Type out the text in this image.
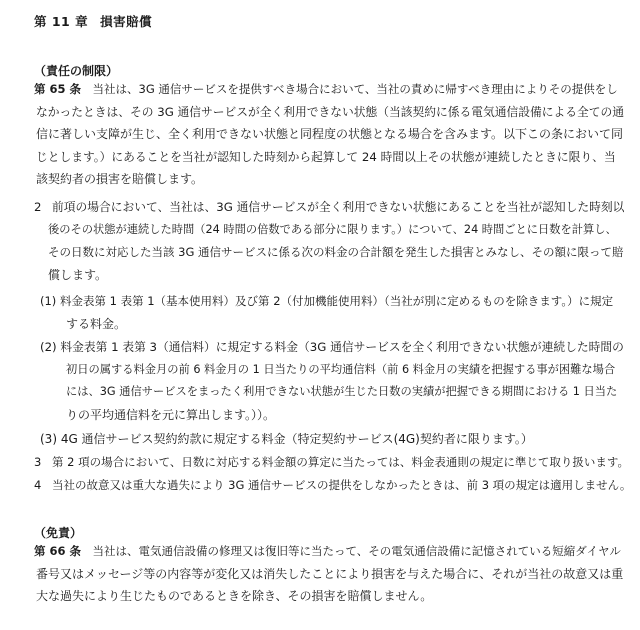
第 11 章 損害賠償
（責任の制限）
第 65 条　 当社は、3G 通信サービスを提供すべき場合において、当社の責めに帰すべき理由によりその提供をし
なかったときは、その 3G 通信サービスが全く利用できない状態（当該契約に係る電気通信設備による全ての通
信に著しい支障が生じ、全く利用できない状態と同程度の状態となる場合を含みます。以下この条において同
じとします。）にあることを当社が認知した時刻から起算して 24 時間以上その状態が連続したときに限り、当
該契約者の損害を賠償します。
2 前項の場合において、当社は、3G 通信サービスが全く利用できない状態にあることを当社が認知した時刻以
後のその状態が連続した時間（24 時間の倍数である部分に限ります。）について、24 時間ごとに日数を計算し、
その日数に対応した当該 3G 通信サービスに係る次の料金の合計額を発生した損害とみなし、その額に限って賠
償します。
(1) 料金表第 1 表第 1（基本使用料）及び第 2（付加機能使用料）（当社が別に定めるものを除きます。）に規定
する料金。
(2) 料金表第 1 表第 3（通信料）に規定する料金（3G 通信サービスを全く利用できない状態が連続した時間の
初日の属する料金月の前 6 料金月の 1 日当たりの平均通信料（前 6 料金月の実績を把握する事が困難な場合
には、3G 通信サービスをまったく利用できない状態が生じた日数の実績が把握できる期間における 1 日当た
りの平均通信料を元に算出します。））。
(3) 4G 通信サービス契約約款に規定する料金（特定契約サービス(4G)契約者に限ります。）
3 第 2 項の場合において、日数に対応する料金額の算定に当たっては、料金表通則の規定に準じて取り扱います。
4 当社の故意又は重大な過失により 3G 通信サービスの提供をしなかったときは、前 3 項の規定は適用しません。
（免責）
第 66 条　 当社は、電気通信設備の修理又は復旧等に当たって、その電気通信設備に記憶されている短縮ダイヤル
番号又はメッセージ等の内容等が変化又は消失したことにより損害を与えた場合に、それが当社の故意又は重
大な過失により生じたものであるときを除き、その損害を賠償しません。
